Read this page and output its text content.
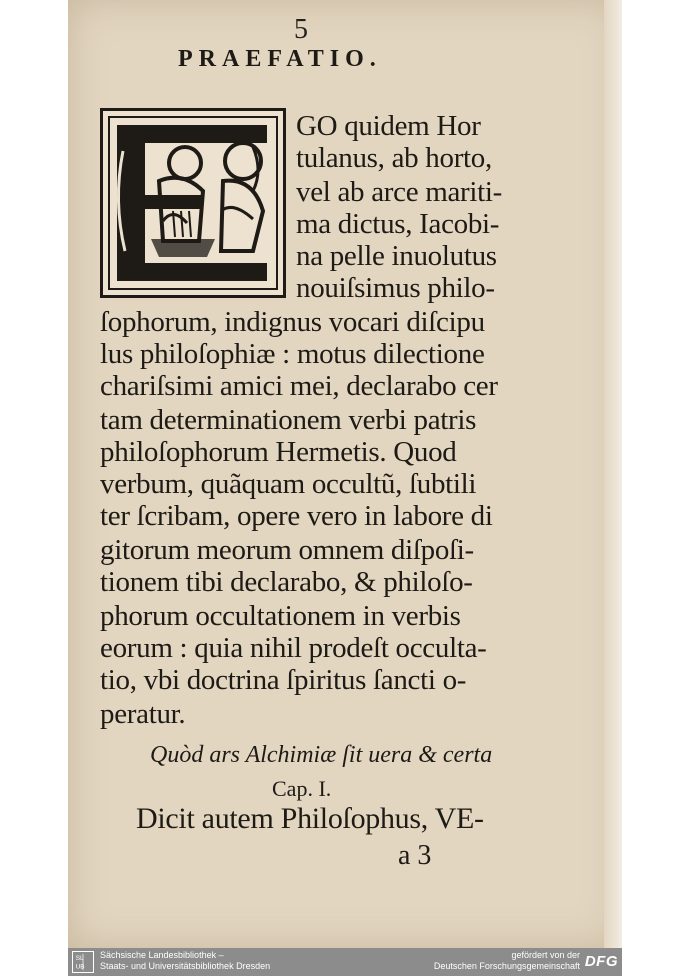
5
PRAEFATIO.
GO quidem Hor
tulanus, ab horto,
vel ab arce mariti-
ma dictus, Iacobi-
na pelle inuolutus
nouiſsimus philo-
ſophorum, indignus vocari diſcipu
lus philoſophiæ : motus dilectione
chariſsimi amici mei, declarabo cer
tam determinationem verbi patris
philoſophorum Hermetis. Quod
verbum, quãquam occultũ, ſubtili
ter ſcribam, opere vero in labore di
gitorum meorum omnem diſpoſi-
tionem tibi declarabo, & philoſo-
phorum occultationem in verbis
eorum : quia nihil prodeſt occulta-
tio, vbi doctrina ſpiritus ſancti o-
peratur.
Quòd ars Alchimiæ ſit uera & certa
Cap. I.
Dicit autem Philoſophus, VE-
a 3
SL
UB
Sächsische Landesbibliothek –
Staats- und Universitätsbibliothek Dresden
gefördert von der
Deutschen Forschungsgemeinschaft DFG
